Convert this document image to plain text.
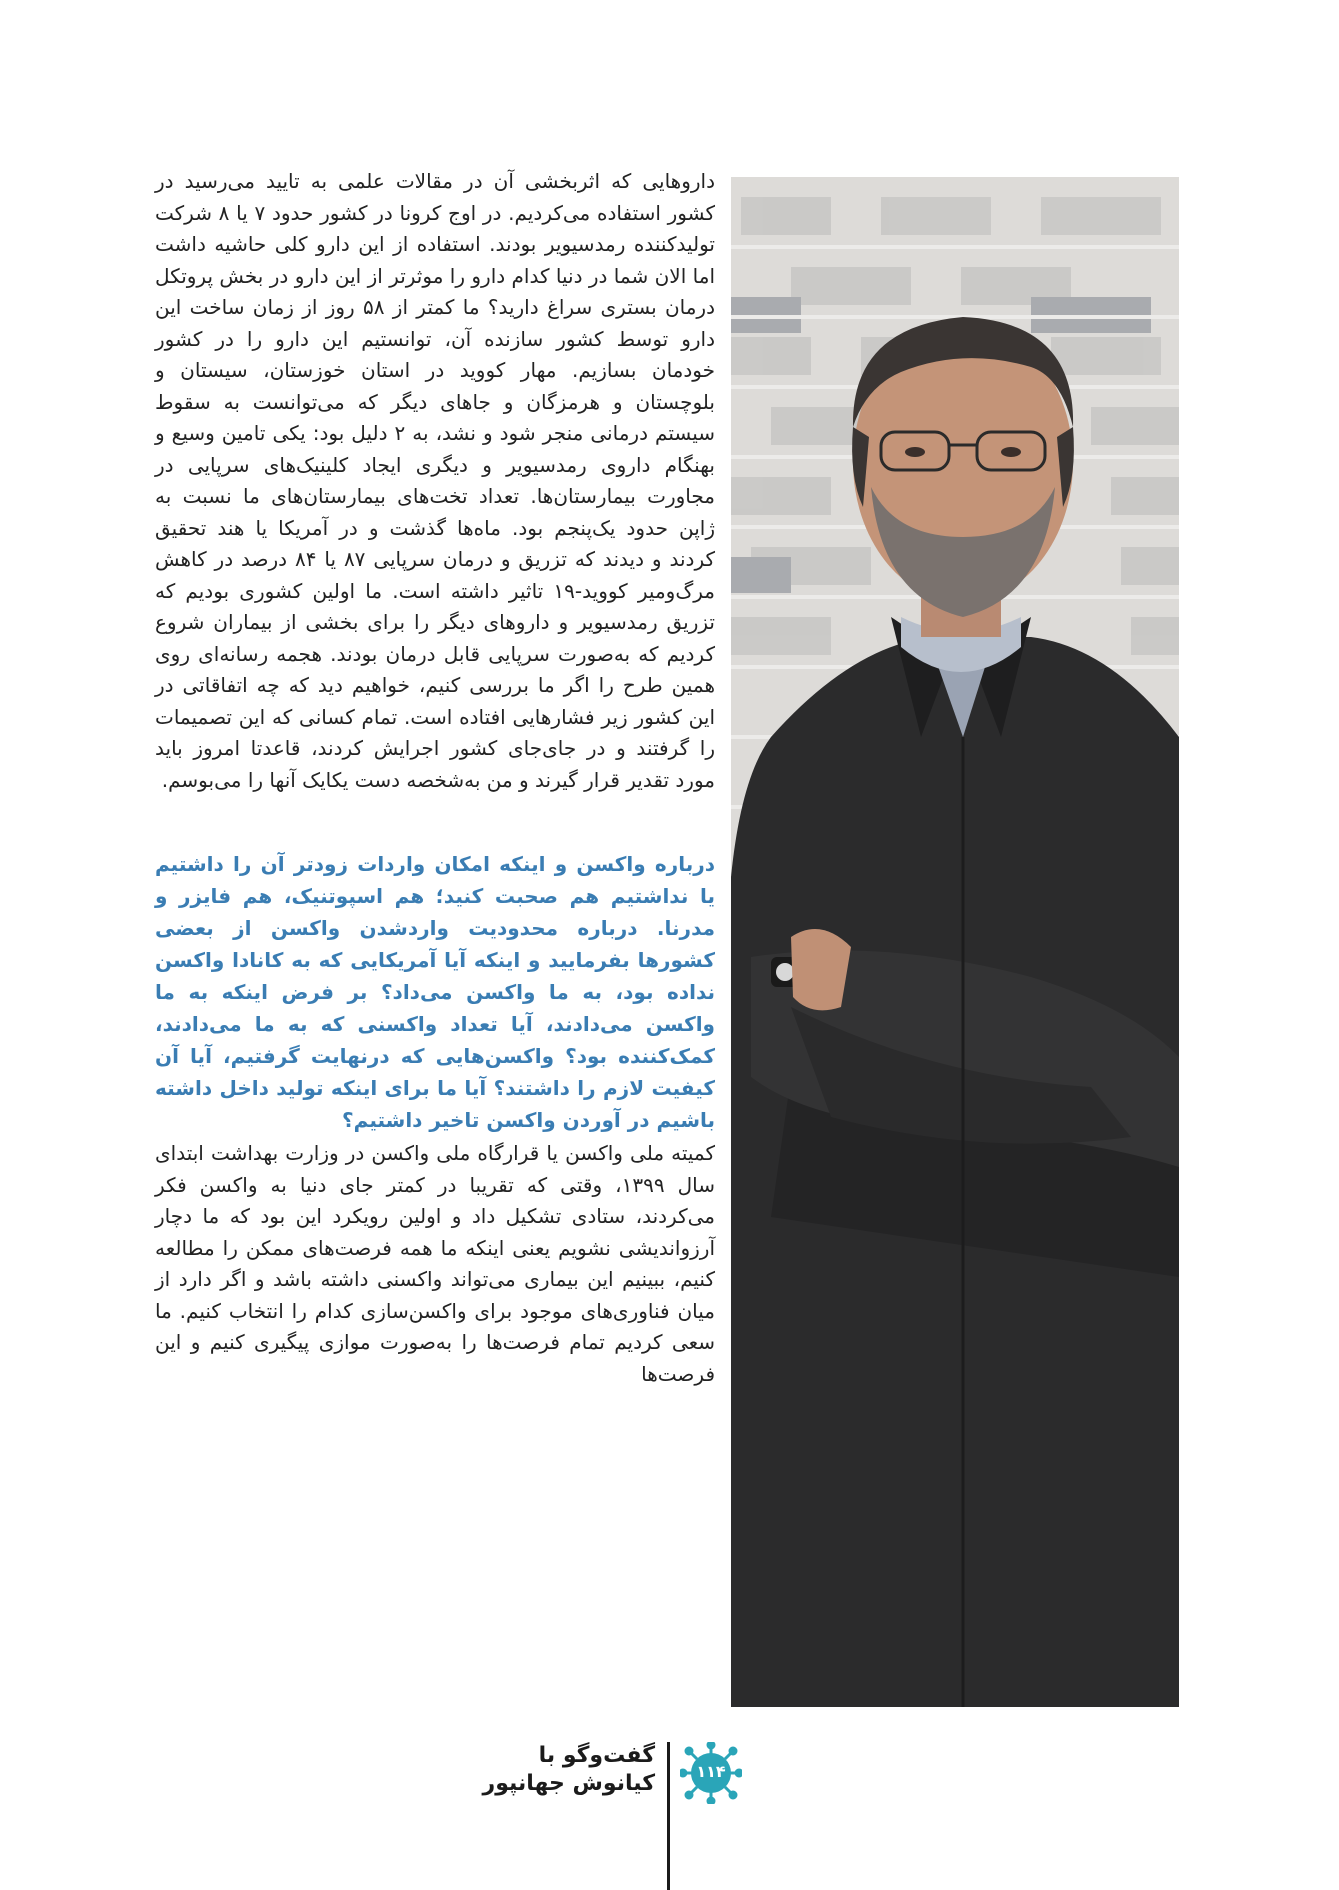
داروهایی که اثربخشی آن در مقالات علمی به تایید می‌رسید در کشور استفاده می‌کردیم. در اوج کرونا در کشور حدود ۷ یا ۸ شرکت تولیدکننده رمدسیویر بودند. استفاده از این دارو کلی حاشیه داشت اما الان شما در دنیا کدام دارو را موثرتر از این دارو در بخش پروتکل درمان بستری سراغ دارید؟ ما کمتر از ۵۸ روز از زمان ساخت این دارو توسط کشور سازنده آن، توانستیم این دارو را در کشور خودمان بسازیم. مهار کووید در استان خوزستان، سیستان و بلوچستان و هرمزگان و جاهای دیگر که می‌توانست به سقوط سیستم درمانی منجر شود و نشد، به ۲ دلیل بود: یکی تامین وسیع و بهنگام داروی رمدسیویر و دیگری ایجاد کلینیک‌های سرپایی در مجاورت بیمارستان‌ها. تعداد تخت‌های بیمارستان‌های ما نسبت به ژاپن حدود یک‌پنجم بود. ماه‌ها گذشت و در آمریکا یا هند تحقیق کردند و دیدند که تزریق و درمان سرپایی ۸۷ یا ۸۴ درصد در کاهش مرگ‌ومیر کووید-۱۹ تاثیر داشته است. ما اولین کشوری بودیم که تزریق رمدسیویر و داروهای دیگر را برای بخشی از بیماران شروع کردیم که به‌صورت سرپایی قابل درمان بودند. هجمه رسانه‌ای روی همین طرح را اگر ما بررسی کنیم، خواهیم دید که چه اتفاقاتی در این کشور زیر فشارهایی افتاده است. تمام کسانی که این تصمیمات را گرفتند و در جای‌جای کشور اجرایش کردند، قاعدتا امروز باید مورد تقدیر قرار گیرند و من به‌شخصه دست یکایک آنها را می‌بوسم.

درباره واکسن و اینکه امکان واردات زودتر آن را داشتیم یا نداشتیم هم صحبت کنید؛ هم اسپوتنیک، هم فایزر و مدرنا. درباره محدودیت واردشدن واکسن از بعضی کشورها بفرمایید و اینکه آیا آمریکایی که به کانادا واکسن نداده بود، به ما واکسن می‌داد؟ بر فرض اینکه به ما واکسن می‌دادند، آیا تعداد واکسنی که به ما می‌دادند، کمک‌کننده بود؟ واکسن‌هایی که درنهایت گرفتیم، آیا آن کیفیت لازم را داشتند؟ آیا ما برای اینکه تولید داخل داشته باشیم در آوردن واکسن تاخیر داشتیم؟

کمیته ملی واکسن یا قرارگاه ملی واکسن در وزارت بهداشت ابتدای سال ۱۳۹۹، وقتی که تقریبا در کمتر جای دنیا به واکسن فکر می‌کردند، ستادی تشکیل داد و اولین رویکرد این بود که ما دچار آرزواندیشی نشویم یعنی اینکه ما همه فرصت‌های ممکن را مطالعه کنیم، ببینیم این بیماری می‌تواند واکسنی داشته باشد و اگر دارد از میان فناوری‌های موجود برای واکسن‌سازی کدام را انتخاب کنیم. ما سعی کردیم تمام فرصت‌ها را به‌صورت موازی پیگیری کنیم و این فرصت‌ها

گفت‌وگو با
کیانوش جهانپور	۱۱۴
